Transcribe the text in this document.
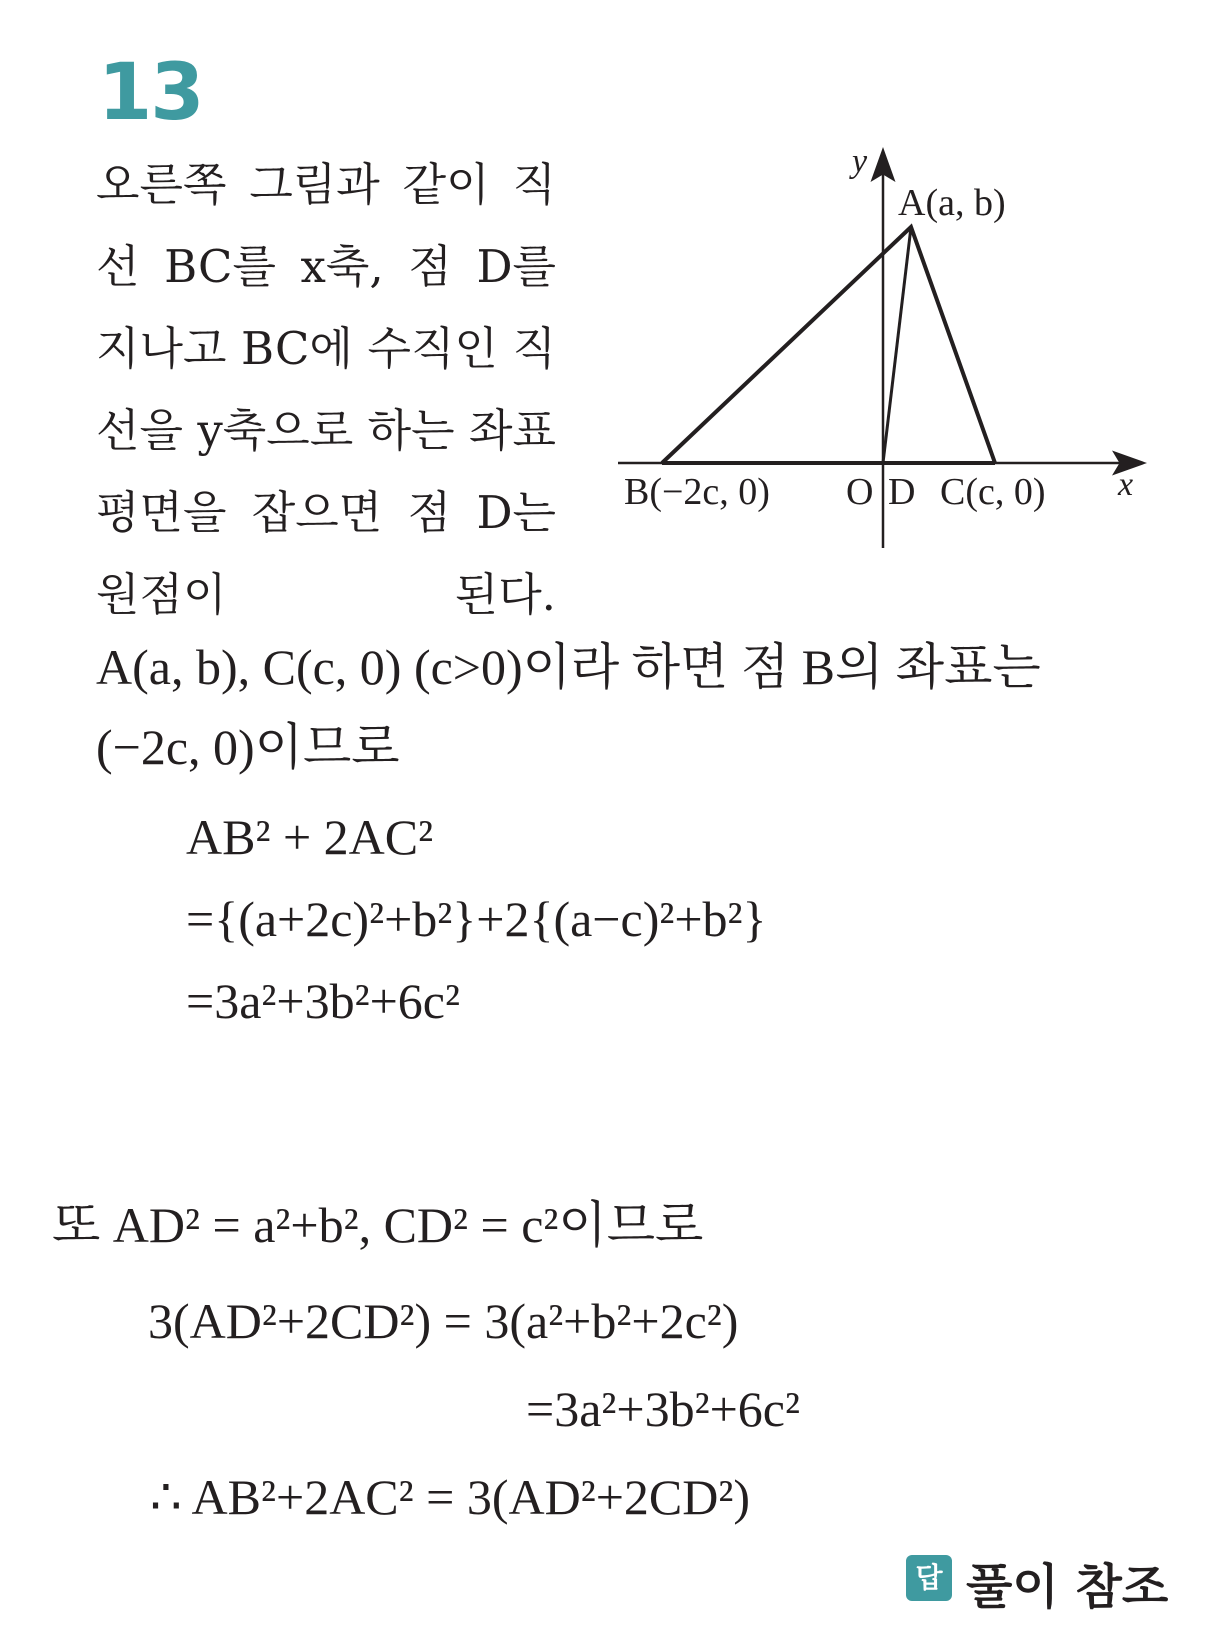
13
오른쪽 그림과 같이 직
선 BC를 x축, 점 D를
지나고 BC에 수직인 직
선을 y축으로 하는 좌표
평면을 잡으면 점 D는
원점이 된다.
y
x
A(a, b)
B(−2c, 0) O D C(c, 0)
A(a, b), C(c, 0) (c>0)이라 하면 점 B의 좌표는
(−2c, 0)이므로
AB² + 2AC²
={(a+2c)²+b²}+2{(a−c)²+b²}
=3a²+3b²+6c²
또 AD² = a²+b², CD² = c²이므로
3(AD²+2CD²) = 3(a²+b²+2c²)
=3a²+3b²+6c²
∴ AB²+2AC² = 3(AD²+2CD²)
답 풀이 참조
